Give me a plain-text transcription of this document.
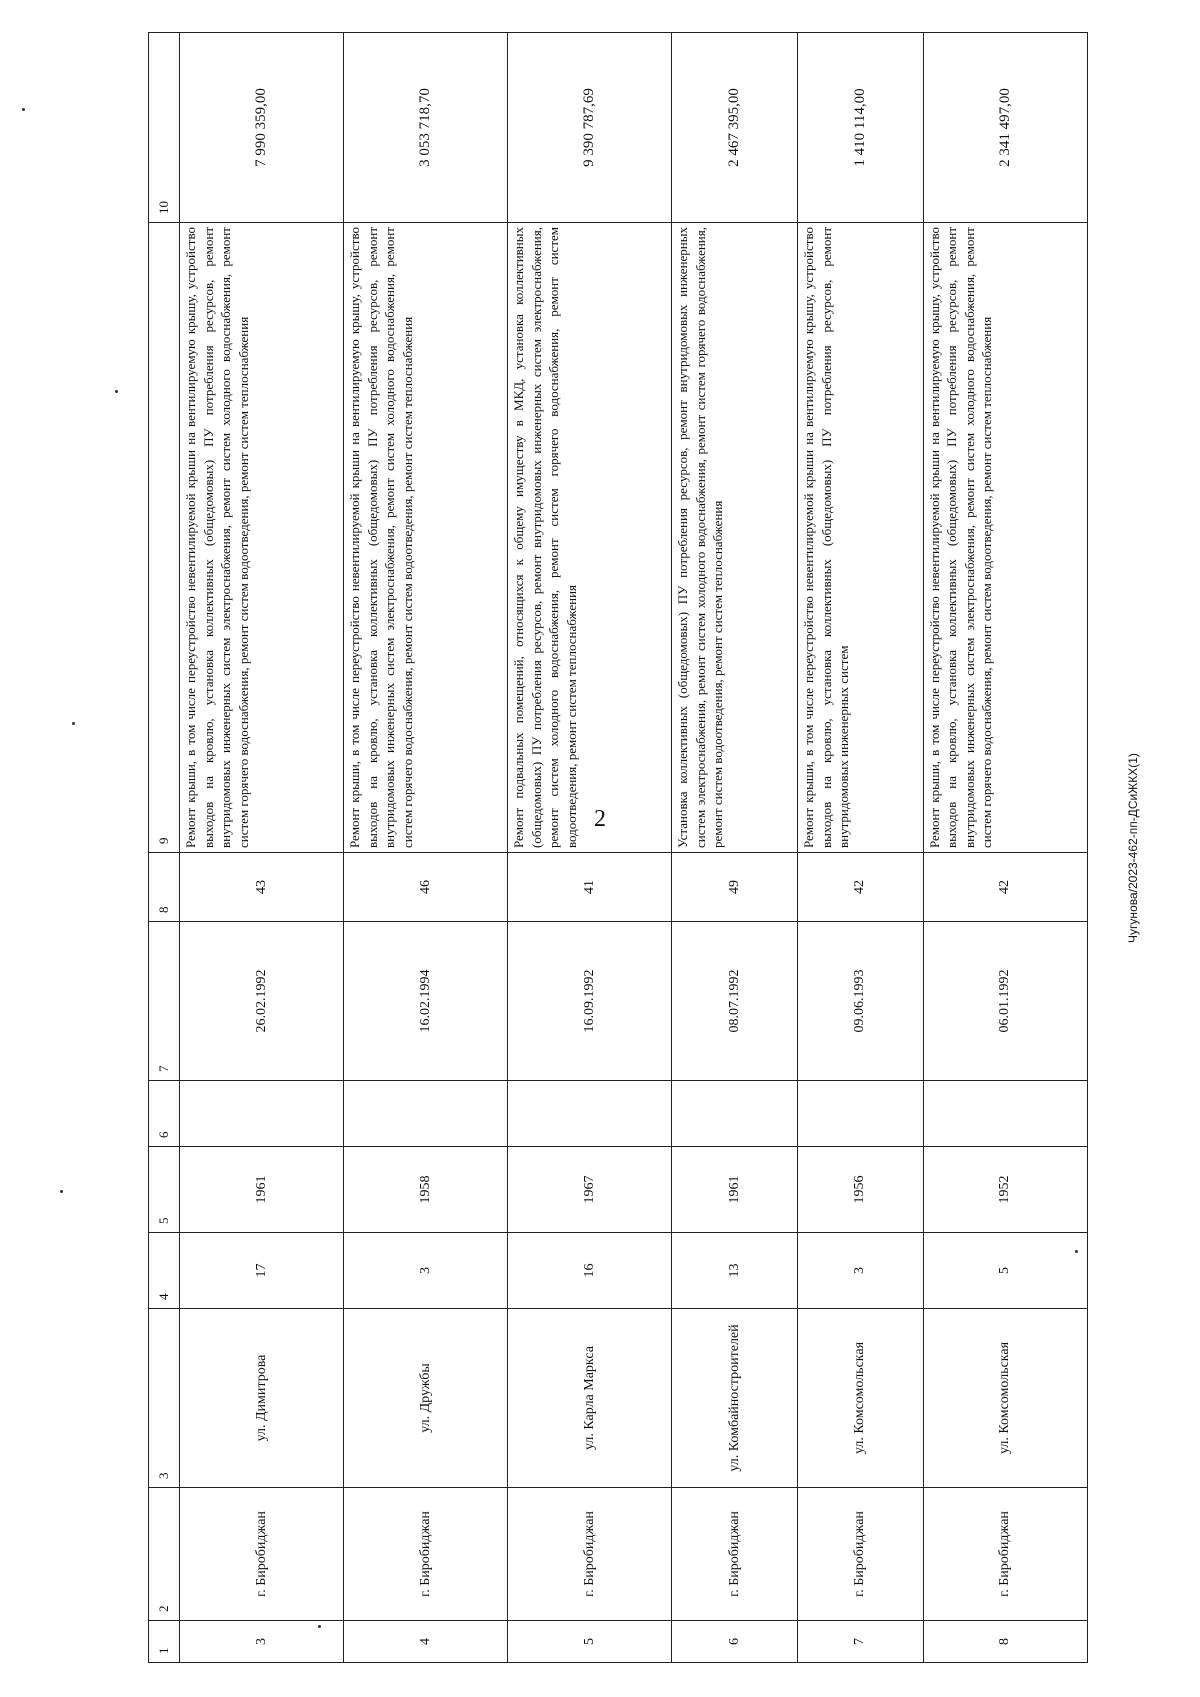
2	Чугунова/2023-462-пп-ДСиЖКХ(1)
1	2	3	4	5	6	7	8	9	10
3	г. Биробиджан	ул. Димитрова	17	1961		26.02.1992	43	Ремонт крыши, в том числе переустройство невентилируемой крыши на вентилируемую крышу, устройство выходов на кровлю, установка коллективных (общедомовых) ПУ потребления ресурсов, ремонт внутридомовых инженерных систем электроснабжения, ремонт систем холодного водоснабжения, ремонт систем горячего водоснабжения, ремонт систем водоотведения, ремонт систем теплоснабжения	7 990 359,00
4	г. Биробиджан	ул. Дружбы	3	1958		16.02.1994	46	Ремонт крыши, в том числе переустройство невентилируемой крыши на вентилируемую крышу, устройство выходов на кровлю, установка коллективных (общедомовых) ПУ потребления ресурсов, ремонт внутридомовых инженерных систем электроснабжения, ремонт систем холодного водоснабжения, ремонт систем горячего водоснабжения, ремонт систем водоотведения, ремонт систем теплоснабжения	3 053 718,70
5	г. Биробиджан	ул. Карла Маркса	16	1967		16.09.1992	41	Ремонт подвальных помещений, относящихся к общему имуществу в МКД, установка коллективных (общедомовых) ПУ потребления ресурсов, ремонт внутридомовых инженерных систем электроснабжения, ремонт систем холодного водоснабжения, ремонт систем горячего водоснабжения, ремонт систем водоотведения, ремонт систем теплоснабжения	9 390 787,69
6	г. Биробиджан	ул. Комбайностроителей	13	1961		08.07.1992	49	Установка коллективных (общедомовых) ПУ потребления ресурсов, ремонт внутридомовых инженерных систем электроснабжения, ремонт систем холодного водоснабжения, ремонт систем горячего водоснабжения, ремонт систем водоотведения, ремонт систем теплоснабжения	2 467 395,00
7	г. Биробиджан	ул. Комсомольская	3	1956		09.06.1993	42	Ремонт крыши, в том числе переустройство невентилируемой крыши на вентилируемую крышу, устройство выходов на кровлю, установка коллективных (общедомовых) ПУ потребления ресурсов, ремонт внутридомовых инженерных систем	1 410 114,00
8	г. Биробиджан	ул. Комсомольская	5	1952		06.01.1992	42	Ремонт крыши, в том числе переустройство невентилируемой крыши на вентилируемую крышу, устройство выходов на кровлю, установка коллективных (общедомовых) ПУ потребления ресурсов, ремонт внутридомовых инженерных систем электроснабжения, ремонт систем холодного водоснабжения, ремонт систем горячего водоснабжения, ремонт систем водоотведения, ремонт систем теплоснабжения	2 341 497,00
